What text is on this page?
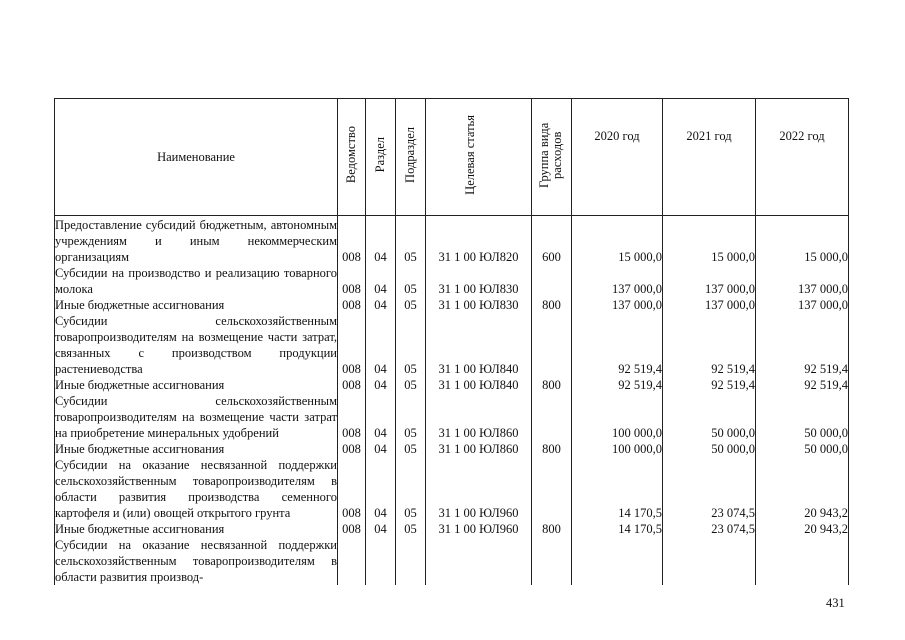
Наименование	Ведомство	Раздел	Подраздел	Целевая статья	Группа вида расходов	2020 год	2021 год	2022 год
Предоставление субсидий бюджетным, автономным учреждениям и иным некоммерческим организациям	008	04	05	31 1 00 ЮЛ820	600	15 000,0	15 000,0	15 000,0
Субсидии на производство и реализацию товарного молока	008	04	05	31 1 00 ЮЛ830		137 000,0	137 000,0	137 000,0
Иные бюджетные ассигнования	008	04	05	31 1 00 ЮЛ830	800	137 000,0	137 000,0	137 000,0
Субсидии сельскохозяйственным товаропроизводителям на возмещение части затрат, связанных с производством продукции растениеводства	008	04	05	31 1 00 ЮЛ840		92 519,4	92 519,4	92 519,4
Иные бюджетные ассигнования	008	04	05	31 1 00 ЮЛ840	800	92 519,4	92 519,4	92 519,4
Субсидии сельскохозяйственным товаропроизводителям на возмещение части затрат на приобретение минеральных удобрений	008	04	05	31 1 00 ЮЛ860		100 000,0	50 000,0	50 000,0
Иные бюджетные ассигнования	008	04	05	31 1 00 ЮЛ860	800	100 000,0	50 000,0	50 000,0
Субсидии на оказание несвязанной поддержки сельскохозяйственным товаропроизводителям в области развития производства семенного картофеля и (или) овощей открытого грунта	008	04	05	31 1 00 ЮЛ960		14 170,5	23 074,5	20 943,2
Иные бюджетные ассигнования	008	04	05	31 1 00 ЮЛ960	800	14 170,5	23 074,5	20 943,2
Субсидии на оказание несвязанной поддержки сельскохозяйственным товаропроизводителям в области развития производ-								
431
